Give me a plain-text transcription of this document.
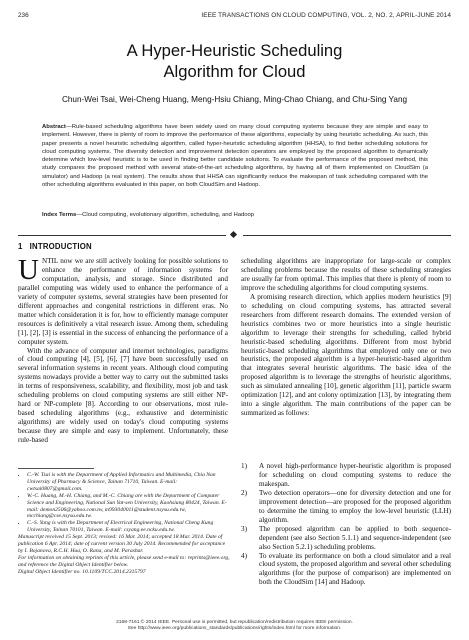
236	IEEE TRANSACTIONS ON CLOUD COMPUTING, VOL. 2, NO. 2, APRIL-JUNE 2014
A Hyper-Heuristic Scheduling
Algorithm for Cloud
Chun-Wei Tsai, Wei-Cheng Huang, Meng-Hsiu Chiang, Ming-Chao Chiang, and Chu-Sing Yang
Abstract—Rule-based scheduling algorithms have been widely used on many cloud computing systems because they are simple and easy to implement. However, there is plenty of room to improve the performance of these algorithms, especially by using heuristic scheduling. As such, this paper presents a novel heuristic scheduling algorithm, called hyper-heuristic scheduling algorithm (HHSA), to find better scheduling solutions for cloud computing systems. The diversity detection and improvement detection operators are employed by the proposed algorithm to dynamically determine which low-level heuristic is to be used in finding better candidate solutions. To evaluate the performance of the proposed method, this study compares the proposed method with several state-of-the-art scheduling algorithms, by having all of them implemented on CloudSim (a simulator) and Hadoop (a real system). The results show that HHSA can significantly reduce the makespan of task scheduling compared with the other scheduling algorithms evaluated in this paper, on both CloudSim and Hadoop.
Index Terms—Cloud computing, evolutionary algorithm, scheduling, and Hadoop
1 INTRODUCTION

UNTIL now we are still actively looking for possible solutions to enhance the performance of information systems for computation, analysis, and storage. Since distributed and parallel computing was widely used to enhance the performance of a variety of computer systems, several strategies have been presented for different approaches and congenital restrictions in different eras. No matter which consideration it is for, how to efficiently manage computer resources is definitively a vital research issue. Among them, scheduling [1], [2], [3] is essential in the success of enhancing the performance of a computer system.

With the advance of computer and internet technologies, paradigms of cloud computing [4], [5], [6], [7] have been successfully used on several information systems in recent years. Although cloud computing systems nowadays provide a better way to carry out the submitted tasks in terms of responsiveness, scalability, and flexibility, most job and task scheduling problems on cloud computing systems are still either NP-hard or NP-complete [8]. According to our observations, most rule-based scheduling algorithms (e.g., exhaustive and deterministic algorithms) are widely used on today's cloud computing systems because they are simple and easy to implement. Unfortunately, these rule-based

scheduling algorithms are inappropriate for large-scale or complex scheduling problems because the results of these scheduling strategies are usually far from optimal. This implies that there is plenty of room to improve the scheduling algorithms for cloud computing systems.

A promising research direction, which applies modern heuristics [9] to scheduling on cloud computing systems, has attracted several researchers from different research domains. The extended version of heuristics combines two or more heuristics into a single heuristic algorithm to leverage their strengths for scheduling, called hybrid heuristic-based scheduling algorithms. Different from most hybrid heuristic-based scheduling algorithms that employed only one or two heuristics, the proposed algorithm is a hyper-heuristic-based algorithm that integrates several heuristic algorithms. The basic idea of the proposed algorithm is to leverage the strengths of heuristic algorithms, such as simulated annealing [10], genetic algorithm [11], particle swarm optimization [12], and ant colony optimization [13], by integrating them into a single algorithm. The main contributions of the paper can be summarized as follows:

1) A novel high-performance hyper-heuristic algorithm is proposed for scheduling on cloud computing systems to reduce the makespan.
2) Two detection operators—one for diversity detection and one for improvement detection—are proposed for the proposed algorithm to determine the timing to employ the low-level heuristic (LLH) algorithm.
3) The proposed algorithm can be applied to both sequence-dependent (see also Section 5.1.1) and sequence-independent (see also Section 5.2.1) scheduling problems.
4) To evaluate its performance on both a cloud simulator and a real cloud system, the proposed algorithm and several other scheduling algorithms (for the purpose of comparison) are implemented on both the CloudSim [14] and Hadoop.
• C.-W. Tsai is with the Department of Applied Informatics and Multimedia, Chia Nan University of Pharmacy & Science, Tainan 71710, Taiwan. E-mail: cwtsai0807@gmail.com.
• W.-C. Huang, M.-H. Chiang, and M.-C. Chiang are with the Department of Computer Science and Engineering, National Sun Yat-sen University, Kaohsiung 80424, Taiwan. E-mail: demon2506@yahoo.com.tw, m993040011@student.nsysu.edu.tw, mcchiang@cse.nsysu.edu.tw.
• C.-S. Yang is with the Department of Electrical Engineering, National Cheng Kung University, Tainan 70101, Taiwan. E-mail: csyang.ee.ncku.edu.tw.

Manuscript received 15 Sept. 2013; revised: 16 Mar. 2014; accepted 18 Mar. 2014. Date of publication 6 Apr. 2014; date of current version 30 July 2014. Recommended for acceptance by I. Bojanova, R.C.H. Hua, O. Rana, and M. Parashar.

For information on obtaining reprints of this article, please send e-mail to: reprints@ieee.org, and reference the Digital Object Identifier below.

Digital Object Identifier no. 10.1109/TCC.2014.2315797

2168-7161 © 2014 IEEE. Personal use is permitted, but republication/redistribution requires IEEE permission.
See http://www.ieee.org/publications_standards/publications/rights/index.html for more information.
